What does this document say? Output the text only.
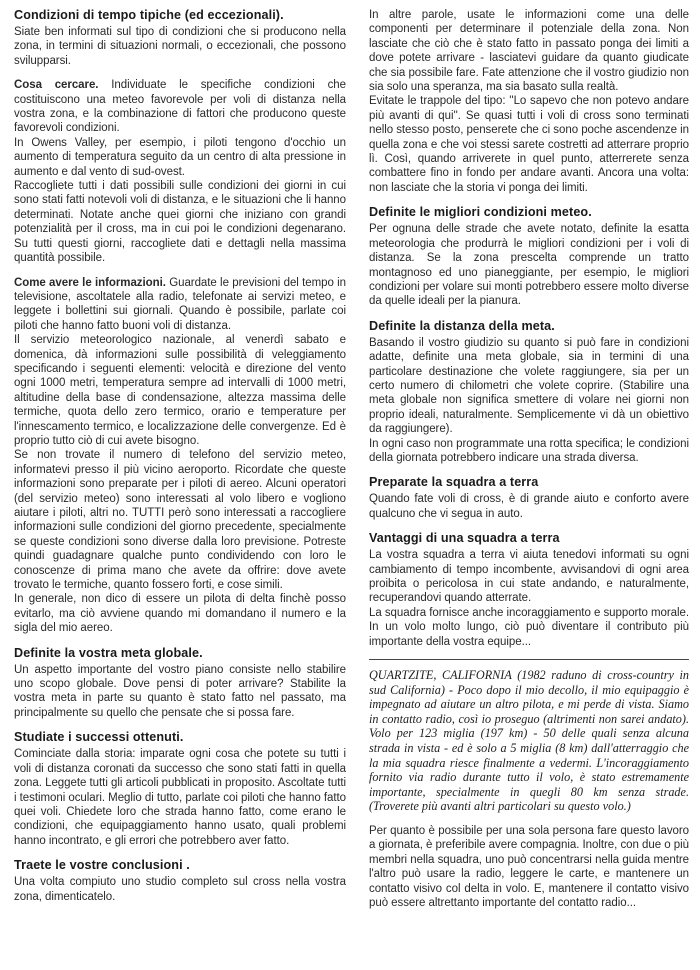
Condizioni di tempo tipiche (ed eccezionali).

Siate ben informati sul tipo di condizioni che si producono nella zona, in termini di situazioni normali, o eccezionali, che possono svilupparsi.

Cosa cercare. Individuate le specifiche condizioni che costituiscono una meteo favorevole per voli di distanza nella vostra zona, e la combinazione di fattori che producono queste favorevoli condizioni.

In Owens Valley, per esempio, i piloti tengono d'occhio un aumento di temperatura seguito da un centro di alta pressione in aumento e dal vento di sud-ovest.

Raccogliete tutti i dati possibili sulle condizioni dei giorni in cui sono stati fatti notevoli voli di distanza, e le situazioni che li hanno determinati. Notate anche quei giorni che iniziano con grandi potenzialità per il cross, ma in cui poi le condizioni degenarano. Su tutti questi giorni, raccogliete dati e dettagli nella massima quantità possibile.

Come avere le informazioni. Guardate le previsioni del tempo in televisione, ascoltatele alla radio, telefonate ai servizi meteo, e leggete i bollettini sui giornali. Quando è possibile, parlate coi piloti che hanno fatto buoni voli di distanza.

Il servizio meteorologico nazionale, al venerdì sabato e domenica, dà informazioni sulle possibilità di veleggiamento specificando i seguenti elementi: velocità e direzione del vento ogni 1000 metri, temperatura sempre ad intervalli di 1000 metri, altitudine della base di condensazione, altezza massima delle termiche, quota dello zero termico, orario e temperature per l'innescamento termico, e localizzazione delle convergenze. Ed è proprio tutto ciò di cui avete bisogno.

Se non trovate il numero di telefono del servizio meteo, informatevi presso il più vicino aeroporto. Ricordate che queste informazioni sono preparate per i piloti di aereo. Alcuni operatori (del servizio meteo) sono interessati al volo libero e vogliono aiutare i piloti, altri no. TUTTI però sono interessati a raccogliere informazioni sulle condizioni del giorno precedente, specialmente se queste condizioni sono diverse dalla loro previsione. Potreste quindi guadagnare qualche punto condividendo con loro le conoscenze di prima mano che avete da offrire: dove avete trovato le termiche, quanto fossero forti, e cose simili.

In generale, non dico di essere un pilota di delta finchè posso evitarlo, ma ciò avviene quando mi domandano il numero e la sigla del mio aereo.

Definite la vostra meta globale.

Un aspetto importante del vostro piano consiste nello stabilire uno scopo globale. Dove pensi di poter arrivare? Stabilite la vostra meta in parte su quanto è stato fatto nel passato, ma principalmente su quello che pensate che si possa fare.

Studiate i successi ottenuti.

Cominciate dalla storia: imparate ogni cosa che potete su tutti i voli di distanza coronati da successo che sono stati fatti in quella zona. Leggete tutti gli articoli pubblicati in proposito. Ascoltate tutti i testimoni oculari. Meglio di tutto, parlate coi piloti che hanno fatto quei voli. Chiedete loro che strada hanno fatto, come erano le condizioni, che equipaggiamento hanno usato, quali problemi hanno incontrato, e gli errori che potrebbero aver fatto.

Traete le vostre conclusioni .

Una volta compiuto uno studio completo sul cross nella vostra zona, dimenticatelo.

In altre parole, usate le informazioni come una delle componenti per determinare il potenziale della zona. Non lasciate che ciò che è stato fatto in passato ponga dei limiti a dove potete arrivare - lasciatevi guidare da quanto giudicate che sia possibile fare. Fate attenzione che il vostro giudizio non sia solo una speranza, ma sia basato sulla realtà.

Evitate le trappole del tipo: ''Lo sapevo che non potevo andare più avanti di qui''. Se quasi tutti i voli di cross sono terminati nello stesso posto, penserete che ci sono poche ascendenze in quella zona e che voi stessi sarete costretti ad atterrare proprio lì. Così, quando arriverete in quel punto, atterrerete senza combattere fino in fondo per andare avanti. Ancora una volta: non lasciate che la storia vi ponga dei limiti.

Definite le migliori condizioni meteo.

Per ognuna delle strade che avete notato, definite la esatta meteorologia che produrrà le migliori condizioni per i voli di distanza. Se la zona prescelta comprende un tratto montagnoso ed uno pianeggiante, per esempio, le migliori condizioni per volare sui monti potrebbero essere molto diverse da quelle ideali per la pianura.

Definite la distanza della meta.

Basando il vostro giudizio su quanto si può fare in condizioni adatte, definite una meta globale, sia in termini di una particolare destinazione che volete raggiungere, sia per un certo numero di chilometri che volete coprire. (Stabilire una meta globale non significa smettere di volare nei giorni non proprio ideali, naturalmente. Semplicemente vi dà un obiettivo da raggiungere).

In ogni caso non programmate una rotta specifica; le condizioni della giornata potrebbero indicare una strada diversa.

Preparate la squadra a terra

Quando fate voli di cross, è di grande aiuto e conforto avere qualcuno che vi segua in auto.

Vantaggi di una squadra a terra

La vostra squadra a terra vi aiuta tenedovi informati su ogni cambiamento di tempo incombente, avvisandovi di ogni area proibita o pericolosa in cui state andando, e naturalmente, recuperandovi quando atterrate.

La squadra fornisce anche incoraggiamento e supporto morale. In un volo molto lungo, ciò può diventare il contributo più importante della vostra equipe...

QUARTZITE, CALIFORNIA (1982 raduno di cross-country in sud California) - Poco dopo il mio decollo, il mio equipaggio è impegnato ad aiutare un altro pilota, e mi perde di vista. Siamo in contatto radio, così io proseguo (altrimenti non sarei andato). Volo per 123 miglia (197 km) - 50 delle quali senza alcuna strada in vista - ed è solo a 5 miglia (8 km) dall'atterraggio che la mia squadra riesce finalmente a vedermi. L'incoraggiamento fornito via radio durante tutto il volo, è stato estremamente importante, specialmente in quegli 80 km senza strade. (Troverete più avanti altri particolari su questo volo.)

Per quanto è possibile per una sola persona fare questo lavoro a giornata, è preferibile avere compagnia. Inoltre, con due o più membri nella squadra, uno può concentrarsi nella guida mentre l'altro può usare la radio, leggere le carte, e mantenere un contatto visivo col delta in volo. E, mantenere il contatto visivo può essere altrettanto importante del contatto radio...
